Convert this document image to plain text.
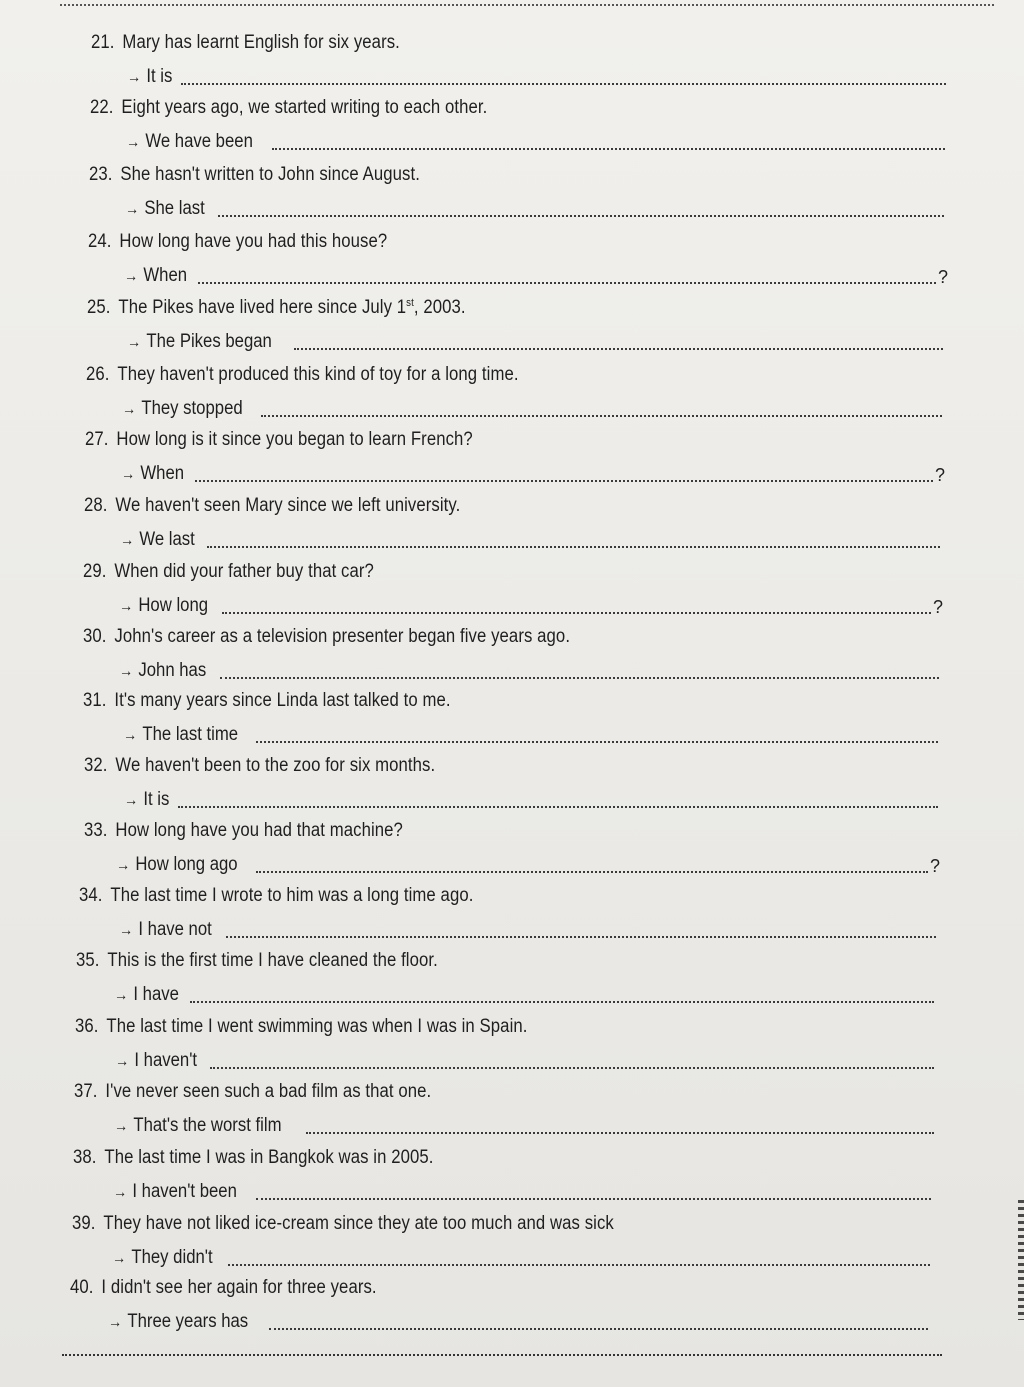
21. Mary has learnt English for six years.
→ It is
22. Eight years ago, we started writing to each other.
→ We have been
23. She hasn't written to John since August.
→ She last
24. How long have you had this house?
→ When	?
25. The Pikes have lived here since July 1st, 2003.
→ The Pikes began
26. They haven't produced this kind of toy for a long time.
→ They stopped
27. How long is it since you began to learn French?
→ When	?
28. We haven't seen Mary since we left university.
→ We last
29. When did your father buy that car?
→ How long	?
30. John's career as a television presenter began five years ago.
→ John has
31. It's many years since Linda last talked to me.
→ The last time
32. We haven't been to the zoo for six months.
→ It is
33. How long have you had that machine?
→ How long ago	?
34. The last time I wrote to him was a long time ago.
→ I have not
35. This is the first time I have cleaned the floor.
→ I have
36. The last time I went swimming was when I was in Spain.
→ I haven't
37. I've never seen such a bad film as that one.
→ That's the worst film
38. The last time I was in Bangkok was in 2005.
→ I haven't been
39. They have not liked ice-cream since they ate too much and was sick
→ They didn't
40. I didn't see her again for three years.
→ Three years has
